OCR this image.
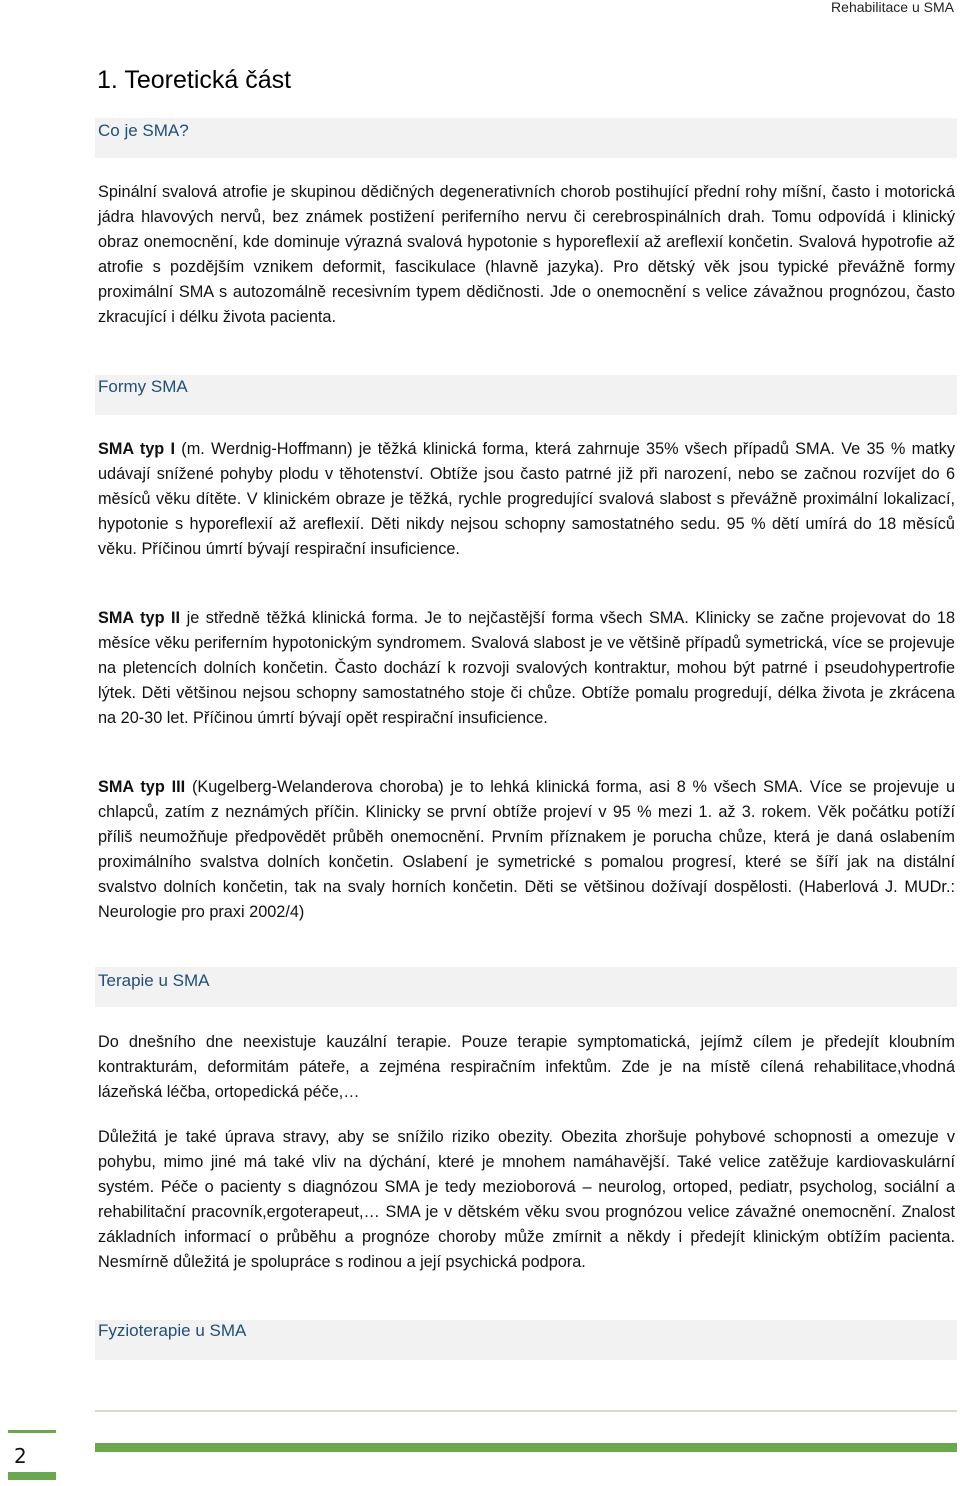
Rehabilitace u SMA
1. Teoretická část
Co je SMA?
Spinální svalová atrofie je skupinou dědičných degenerativních chorob postihující přední rohy míšní, často i motorická jádra hlavových nervů, bez známek postižení periferního nervu či cerebrospinálních drah. Tomu odpovídá i klinický obraz onemocnění, kde dominuje výrazná svalová hypotonie s hyporeflexií až areflexií končetin. Svalová hypotrofie až atrofie s pozdějším vznikem deformit, fascikulace (hlavně jazyka). Pro dětský věk jsou typické převážně formy proximální SMA s autozomálně recesivním typem dědičnosti. Jde o onemocnění s velice závažnou prognózou, často zkracující i délku života pacienta.
Formy SMA
SMA typ I (m. Werdnig-Hoffmann) je těžká klinická forma, která zahrnuje 35% všech případů SMA. Ve 35 % matky udávají snížené pohyby plodu v těhotenství. Obtíže jsou často patrné již při narození, nebo se začnou rozvíjet do 6 měsíců věku dítěte. V klinickém obraze je těžká, rychle progredující svalová slabost s převážně proximální lokalizací, hypotonie s hyporeflexií až areflexií. Děti nikdy nejsou schopny samostatného sedu. 95 % dětí umírá do 18 měsíců věku. Příčinou úmrtí bývají respirační insuficience.
SMA typ II je středně těžká klinická forma. Je to nejčastější forma všech SMA. Klinicky se začne projevovat do 18 měsíce věku periferním hypotonickým syndromem. Svalová slabost je ve většině případů symetrická, více se projevuje na pletencích dolních končetin. Často dochází k rozvoji svalových kontraktur, mohou být patrné i pseudohypertrofie lýtek. Děti většinou nejsou schopny samostatného stoje či chůze. Obtíže pomalu progredují, délka života je zkrácena na 20-30 let. Příčinou úmrtí bývají opět respirační insuficience.
SMA typ III (Kugelberg-Welanderova choroba) je to lehká klinická forma, asi 8 % všech SMA. Více se projevuje u chlapců, zatím z neznámých příčin. Klinicky se první obtíže projeví v 95 % mezi 1. až 3. rokem. Věk počátku potíží příliš neumožňuje předpovědět průběh onemocnění. Prvním příznakem je porucha chůze, která je daná oslabením proximálního svalstva dolních končetin. Oslabení je symetrické s pomalou progresí, které se šíří jak na distální svalstvo dolních končetin, tak na svaly horních končetin. Děti se většinou dožívají dospělosti. (Haberlová J. MUDr.: Neurologie pro praxi 2002/4)
Terapie u SMA
Do dnešního dne neexistuje kauzální terapie. Pouze terapie symptomatická, jejímž cílem je předejít kloubním kontrakturám, deformitám páteře, a zejména respiračním infektům. Zde je na místě cílená rehabilitace,vhodná lázeňská léčba, ortopedická péče,…
Důležitá je také úprava stravy, aby se snížilo riziko obezity. Obezita zhoršuje pohybové schopnosti a omezuje v pohybu, mimo jiné má také vliv na dýchání, které je mnohem namáhavější. Také velice zatěžuje kardiovaskulární systém. Péče o pacienty s diagnózou SMA je tedy mezioborová – neurolog, ortoped, pediatr, psycholog, sociální a rehabilitační pracovník,ergoterapeut,… SMA je v dětském věku svou prognózou velice závažné onemocnění. Znalost základních informací o průběhu a prognóze choroby může zmírnit a někdy i předejít klinickým obtížím pacienta. Nesmírně důležitá je spolupráce s rodinou a její psychická podpora.
Fyzioterapie u SMA
2
